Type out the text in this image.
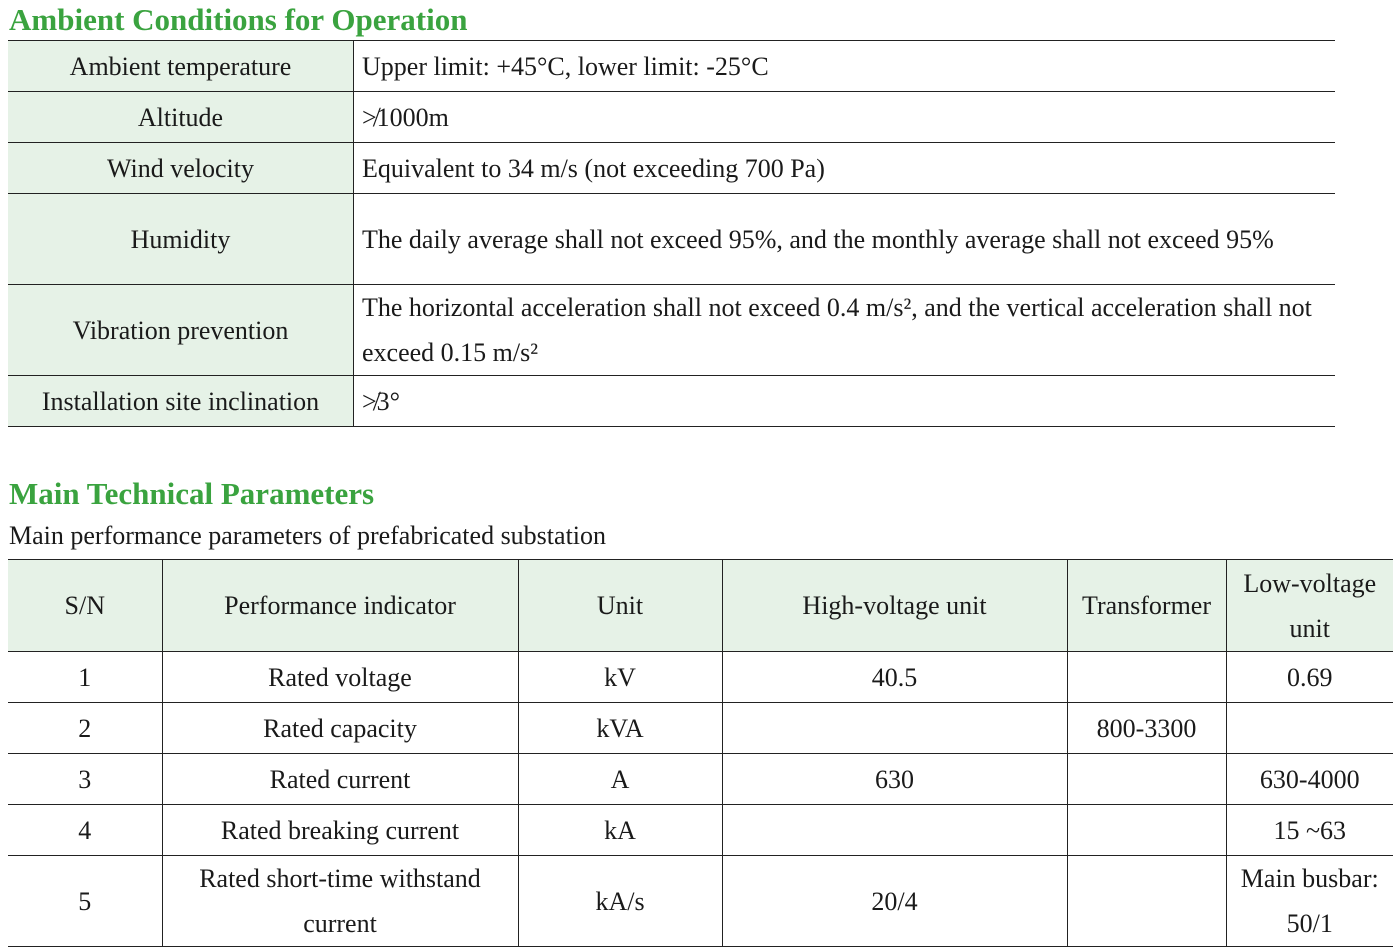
Ambient Conditions for Operation
Ambient temperature	Upper limit: +45°C, lower limit: -25°C
Altitude	≯1000m
Wind velocity	Equivalent to 34 m/s (not exceeding 700 Pa)
Humidity	The daily average shall not exceed 95%, and the monthly average shall not exceed 95%
Vibration prevention	The horizontal acceleration shall not exceed 0.4 m/s², and the vertical acceleration shall not exceed 0.15 m/s²
Installation site inclination	≯3°
Main Technical Parameters

Main performance parameters of prefabricated substation

S/N	Performance indicator	Unit	High-voltage unit	Transformer	Low-voltage unit
1	Rated voltage	kV	40.5		0.69
2	Rated capacity	kVA		800-3300	
3	Rated current	A	630		630-4000
4	Rated breaking current	kA			15 ~63
5	Rated short-time withstand current	kA/s	20/4		Main busbar: 50/1
